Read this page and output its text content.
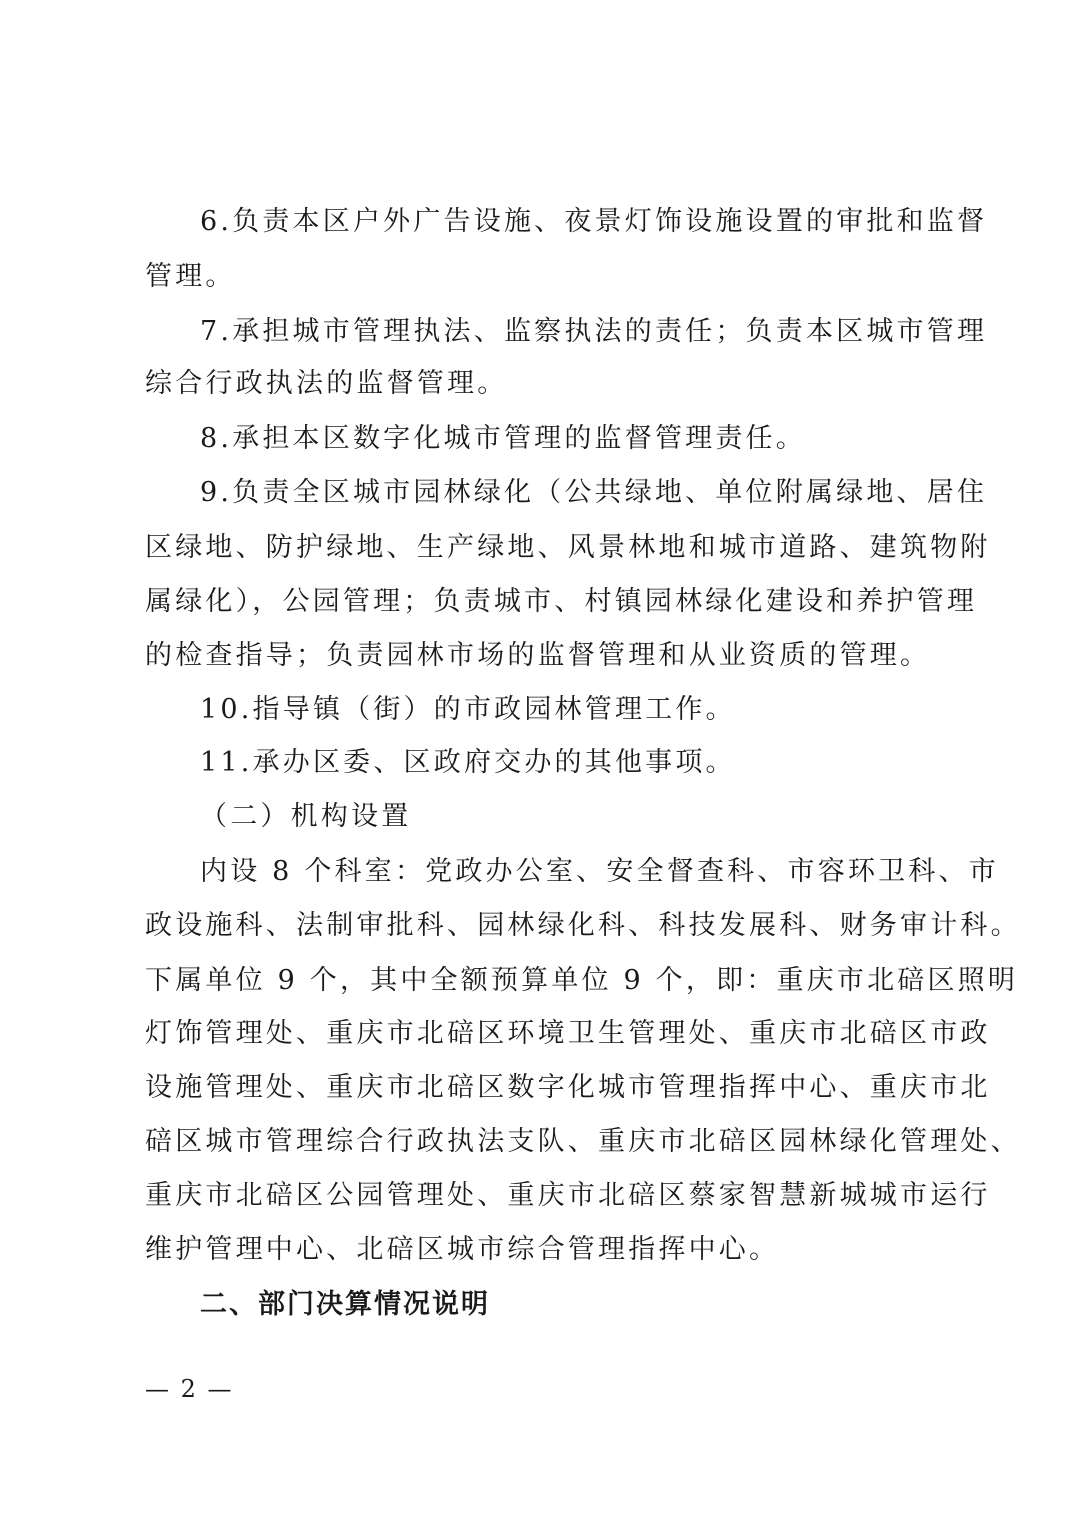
6.负责本区户外广告设施、夜景灯饰设施设置的审批和监督
管理。
7.承担城市管理执法、监察执法的责任；负责本区城市管理
综合行政执法的监督管理。
8.承担本区数字化城市管理的监督管理责任。
9.负责全区城市园林绿化（公共绿地、单位附属绿地、居住
区绿地、防护绿地、生产绿地、风景林地和城市道路、建筑物附
属绿化），公园管理；负责城市、村镇园林绿化建设和养护管理
的检查指导；负责园林市场的监督管理和从业资质的管理。
10.指导镇（街）的市政园林管理工作。
11.承办区委、区政府交办的其他事项。
（二）机构设置
内设 8 个科室：党政办公室、安全督查科、市容环卫科、市
政设施科、法制审批科、园林绿化科、科技发展科、财务审计科。
下属单位 9 个，其中全额预算单位 9 个，即：重庆市北碚区照明
灯饰管理处、重庆市北碚区环境卫生管理处、重庆市北碚区市政
设施管理处、重庆市北碚区数字化城市管理指挥中心、重庆市北
碚区城市管理综合行政执法支队、重庆市北碚区园林绿化管理处、
重庆市北碚区公园管理处、重庆市北碚区蔡家智慧新城城市运行
维护管理中心、北碚区城市综合管理指挥中心。
二、部门决算情况说明
— 2 —
